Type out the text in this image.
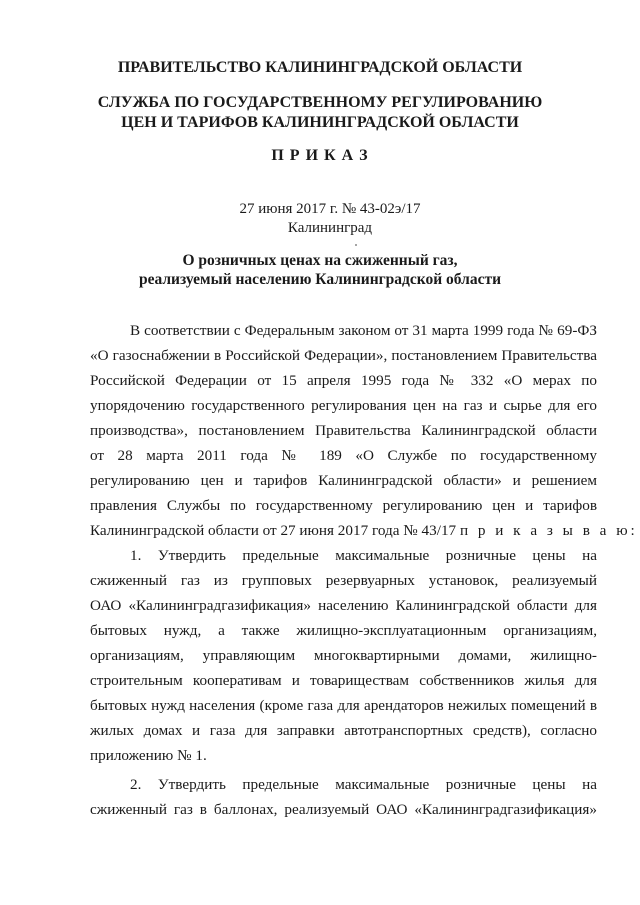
ПРАВИТЕЛЬСТВО КАЛИНИНГРАДСКОЙ ОБЛАСТИ

СЛУЖБА ПО ГОСУДАРСТВЕННОМУ РЕГУЛИРОВАНИЮ

ЦЕН И ТАРИФОВ КАЛИНИНГРАДСКОЙ ОБЛАСТИ

П Р И К А З

27 июня 2017 г. № 43-02э/17

Калининград

О розничных ценах на сжиженный газ,

реализуемый населению Калининградской области

В соответствии с Федеральным законом от 31 марта 1999 года № 69-ФЗ
«О газоснабжении в Российской Федерации», постановлением Правительства
Российской Федерации от 15 апреля 1995 года № 332 «О мерах по
упорядочению государственного регулирования цен на газ и сырье для его
производства», постановлением Правительства Калининградской области
от 28 марта 2011 года № 189 «О Службе по государственному
регулированию цен и тарифов Калининградской области» и решением
правления Службы по государственному регулированию цен и тарифов
Калининградской области от 27 июня 2017 года № 43/17 п р и к а з ы в а ю:
1. Утвердить предельные максимальные розничные цены на
сжиженный газ из групповых резервуарных установок, реализуемый
ОАО «Калининградгазификация» населению Калининградской области для
бытовых нужд, а также жилищно-эксплуатационным организациям,
организациям, управляющим многоквартирными домами, жилищно-
строительным кооперативам и товариществам собственников жилья для
бытовых нужд населения (кроме газа для арендаторов нежилых помещений в
жилых домах и газа для заправки автотранспортных средств), согласно
приложению № 1.
2. Утвердить предельные максимальные розничные цены на
сжиженный газ в баллонах, реализуемый ОАО «Калининградгазификация»
